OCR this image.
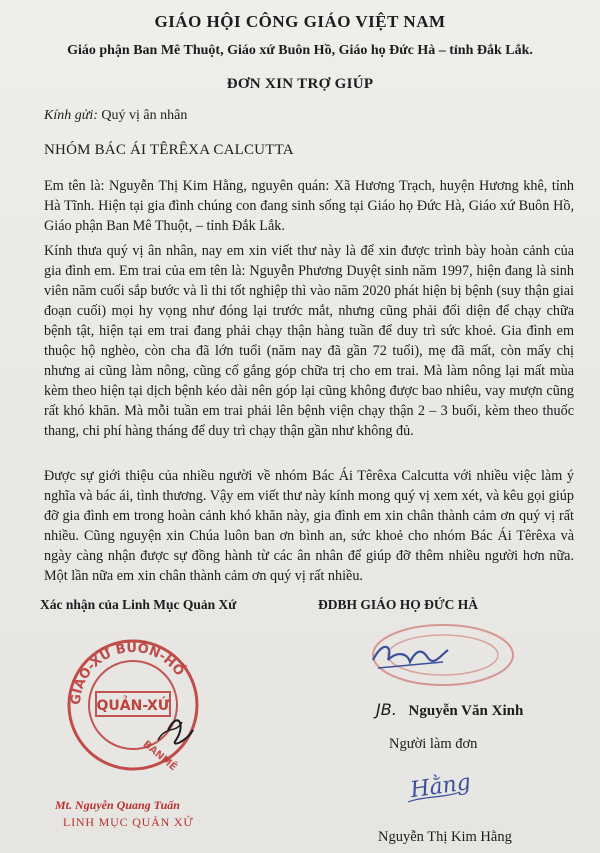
GIÁO HỘI CÔNG GIÁO VIỆT NAM
Giáo phận Ban Mê Thuột, Giáo xứ Buôn Hồ, Giáo họ Đức Hà – tỉnh Đắk Lắk.
ĐƠN XIN TRỢ GIÚP
Kính gửi: Quý vị ân nhân
NHÓM BÁC ÁI TÊRÊXA CALCUTTA
Em tên là: Nguyễn Thị Kim Hằng, nguyên quán: Xã Hương Trạch, huyện Hương khê, tỉnh Hà Tĩnh. Hiện tại gia đình chúng con đang sinh sống tại Giáo họ Đức Hà, Giáo xứ Buôn Hồ, Giáo phận Ban Mê Thuột, – tỉnh Đắk Lắk.
Kính thưa quý vị ân nhân, nay em xin viết thư này là để xin được trình bày hoàn cảnh của gia đình em. Em trai của em tên là: Nguyễn Phương Duyệt sinh năm 1997, hiện đang là sinh viên năm cuối sắp bước và lì thi tốt nghiệp thì vào năm 2020 phát hiện bị bệnh (suy thận giai đoạn cuối) mọi hy vọng như đóng lại trước mắt, nhưng cũng phải đối diện để chạy chữa bệnh tật, hiện tại em trai đang phải chạy thận hàng tuần để duy trì sức khoẻ. Gia đình em thuộc hộ nghèo, còn cha đã lớn tuổi (năm nay đã gần 72 tuổi), mẹ đã mất, còn mấy chị nhưng ai cũng làm nông, cũng cố gắng góp chữa trị cho em trai. Mà làm nông lại mất mùa kèm theo hiện tại dịch bệnh kéo dài nên góp lại cũng không được bao nhiêu, vay mượn cũng rất khó khăn. Mà mỗi tuần em trai phải lên bệnh viện chạy thận 2 – 3 buổi, kèm theo thuốc thang, chi phí hàng tháng để duy trì chạy thận gần như không đủ.
Được sự giới thiệu của nhiều người về nhóm Bác Ái Têrêxa Calcutta với nhiều việc làm ý nghĩa và bác ái, tình thương. Vậy em viết thư này kính mong quý vị xem xét, và kêu gọi giúp đỡ gia đình em trong hoàn cảnh khó khăn này, gia đình em xin chân thành cảm ơn quý vị rất nhiều. Cũng nguyện xin Chúa luôn ban ơn bình an, sức khoẻ cho nhóm Bác Ái Têrêxa và ngày càng nhận được sự đồng hành từ các ân nhân để giúp đỡ thêm nhiều người hơn nữa. Một lần nữa em xin chân thành cảm ơn quý vị rất nhiều.
Xác nhận của Linh Mục Quản Xứ	ĐDBH GIÁO HỌ ĐỨC HÀ
GIÁO-XỨ BUÔN-HỒ
QUẢN-XỨ
BANMÊ
Mt. Nguyễn Quang Tuấn
LINH MỤC QUẢN XỨ
JB. Nguyễn Văn Xinh
Người làm đơn
Hằng
Nguyễn Thị Kim Hằng
